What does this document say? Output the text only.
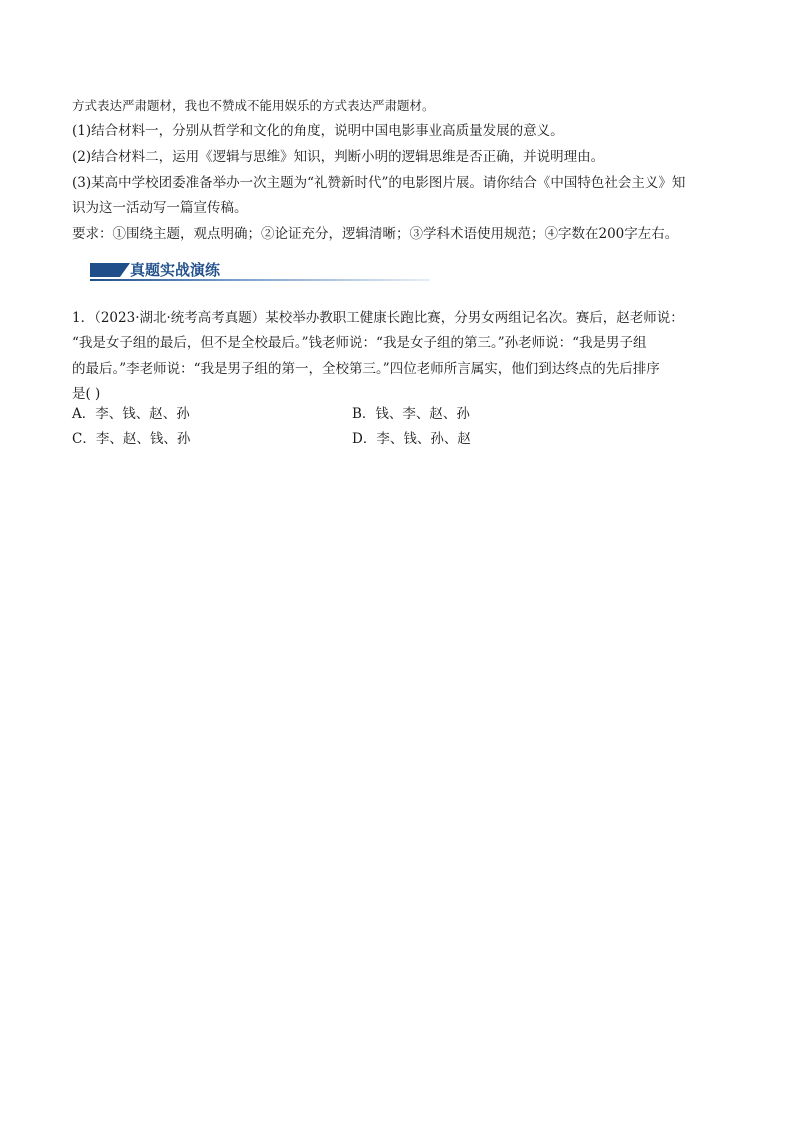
方式表达严肃题材，我也不赞成不能用娱乐的方式表达严肃题材。
(1)结合材料一，分别从哲学和文化的角度，说明中国电影事业高质量发展的意义。
(2)结合材料二，运用《逻辑与思维》知识，判断小明的逻辑思维是否正确，并说明理由。
(3)某高中学校团委准备举办一次主题为“礼赞新时代”的电影图片展。请你结合《中国特色社会主义》知
识为这一活动写一篇宣传稿。
要求：①围绕主题，观点明确；②论证充分，逻辑清晰；③学科术语使用规范；④字数在200字左右。
真题实战演练
1．（2023·湖北·统考高考真题）某校举办教职工健康长跑比赛，分男女两组记名次。赛后，赵老师说：
“我是女子组的最后，但不是全校最后。”钱老师说：“我是女子组的第三。”孙老师说：“我是男子组
的最后。”李老师说：“我是男子组的第一，全校第三。”四位老师所言属实，他们到达终点的先后排序
是( )
A．李、钱、赵、孙	B．钱、李、赵、孙
C．李、赵、钱、孙	D．李、钱、孙、赵
